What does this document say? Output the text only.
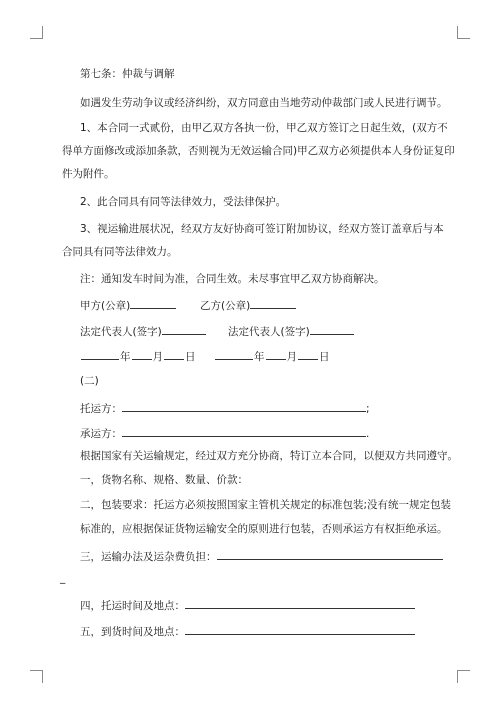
第七条：仲裁与调解
如遇发生劳动争议或经济纠纷，双方同意由当地劳动仲裁部门或人民进行调节。
1、本合同一式贰份，由甲乙双方各执一份，甲乙双方签订之日起生效，(双方不
得单方面修改或添加条款，否则视为无效运输合同)甲乙双方必须提供本人身份证复印
件为附件。
2、此合同具有同等法律效力，受法律保护。
3、视运输进展状况，经双方友好协商可签订附加协议，经双方签订盖章后与本
合同具有同等法律效力。
注：通知发车时间为准，合同生效。未尽事宜甲乙双方协商解决。
甲方(公章)	乙方(公章)
法定代表人(签字)	法定代表人(签字)
年 月 日	年 月 日
(二)
托运方：	;
承运方：	.
根据国家有关运输规定，经过双方充分协商，特订立本合同，以便双方共同遵守。
一，货物名称、规格、数量、价款：
二，包装要求：托运方必须按照国家主管机关规定的标准包装;没有统一规定包装
标准的，应根据保证货物运输安全的原则进行包装，否则承运方有权拒绝承运。
三，运输办法及运杂费负担：
_
四，托运时间及地点：
五，到货时间及地点：
